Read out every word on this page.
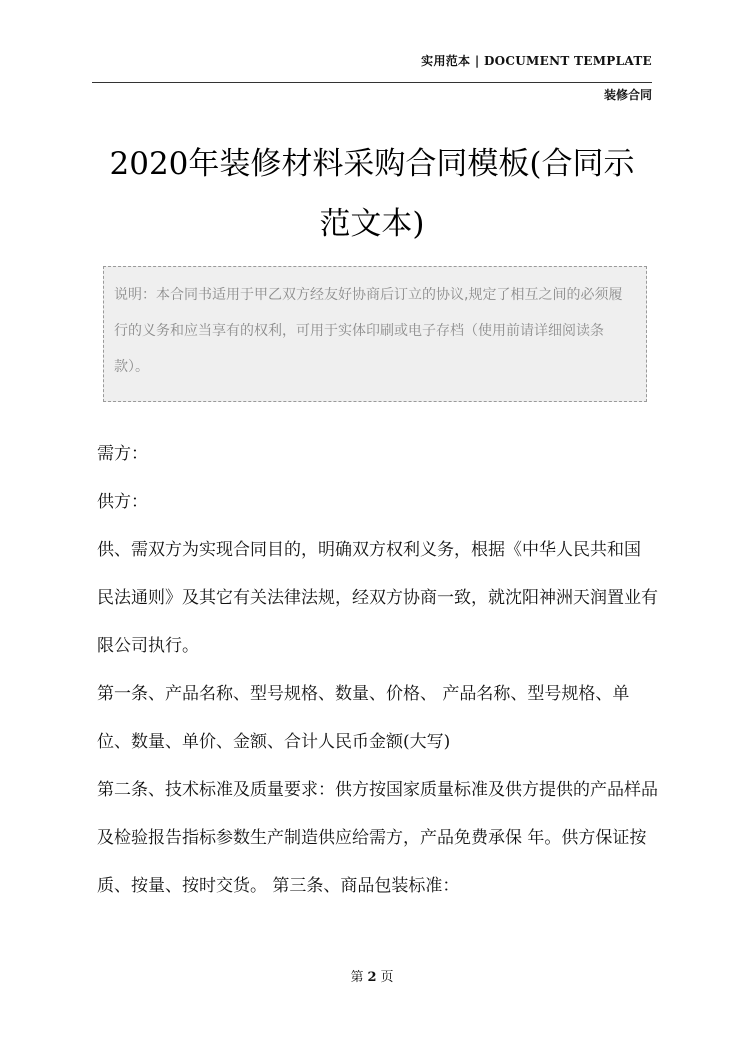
实用范本 | DOCUMENT TEMPLATE
装修合同
2020年装修材料采购合同模板(合同示范文本)
说明：本合同书适用于甲乙双方经友好协商后订立的协议,规定了相互之间的必须履行的义务和应当享有的权利，可用于实体印刷或电子存档（使用前请详细阅读条款）。

需方：

供方：

供、需双方为实现合同目的，明确双方权利义务，根据《中华人民共和国 民法通则》及其它有关法律法规，经双方协商一致，就沈阳神洲天润置业有限公司执行。

第一条、产品名称、型号规格、数量、价格、 产品名称、型号规格、单位、数量、单价、金额、合计人民币金额(大写)

第二条、技术标准及质量要求：供方按国家质量标准及供方提供的产品样品及检验报告指标参数生产制造供应给需方，产品免费承保 年。供方保证按质、按量、按时交货。 第三条、商品包装标准：

第 2 页
